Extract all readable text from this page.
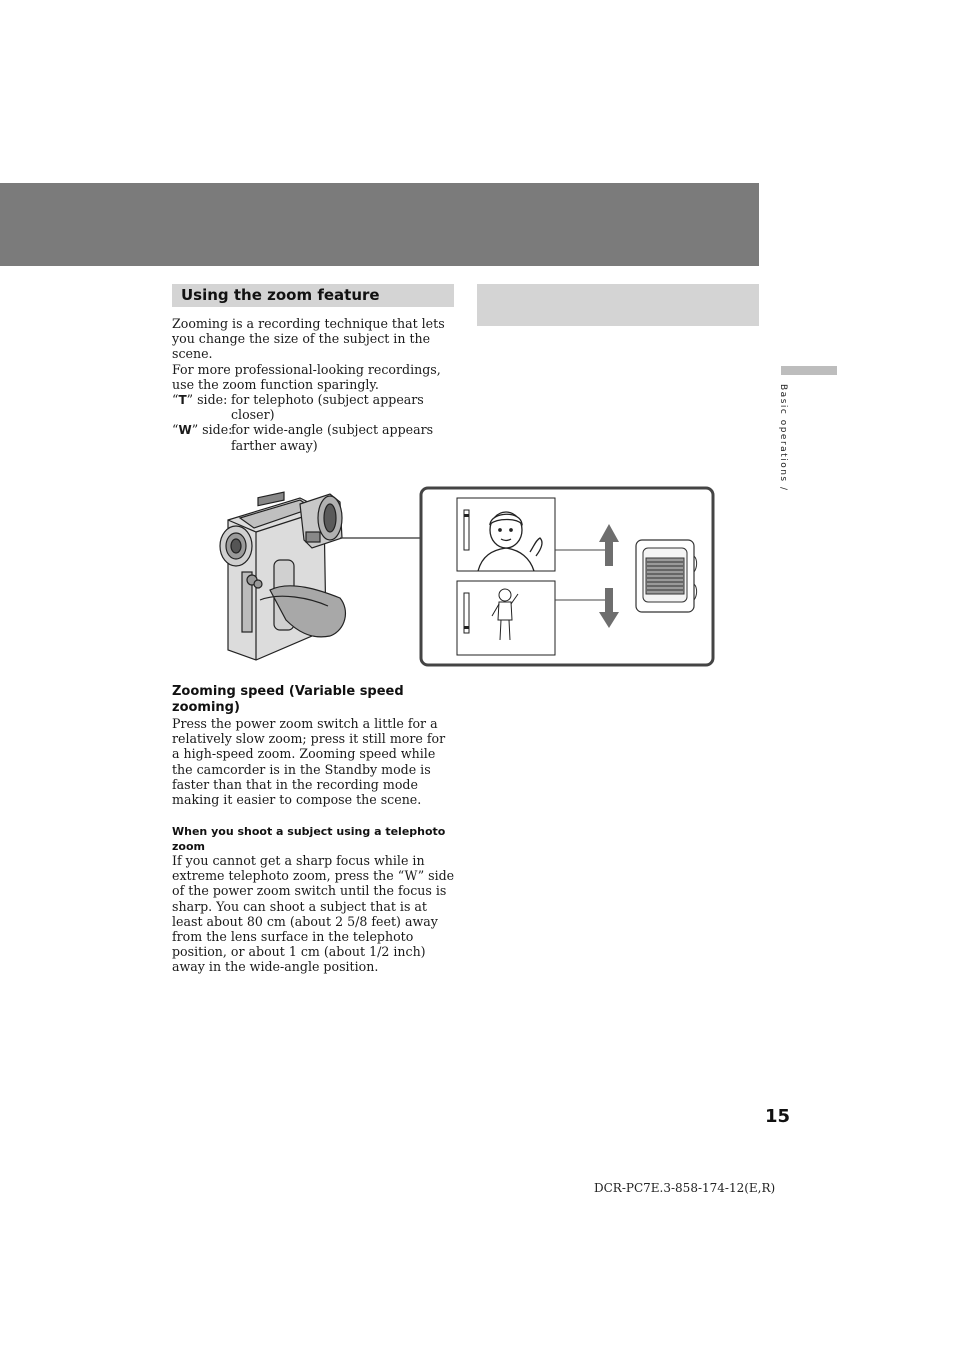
Using the zoom feature

Zooming is a recording technique that lets you change the size of the subject in the scene.

For more professional-looking recordings, use the zoom function sparingly.

“T” side: for telephoto (subject appears closer)
“W” side:
for wide-angle (subject appears farther away)
Zooming speed (Variable speed zooming)
Press the power zoom switch a little for a relatively slow zoom; press it still more for a high-speed zoom. Zooming speed while the camcorder is in the Standby mode is faster than that in the recording mode making it easier to compose the scene.
When you shoot a subject using a telephoto zoom
If you cannot get a sharp focus while in extreme telephoto zoom, press the “W” side of the power zoom switch until the focus is sharp. You can shoot a subject that is at least about 80 cm (about 2 5/8 feet) away from the lens surface in the telephoto position, or about 1 cm (about 1/2 inch) away in the wide-angle position.
Basic operations /
15
DCR-PC7E.3-858-174-12(E,R)
